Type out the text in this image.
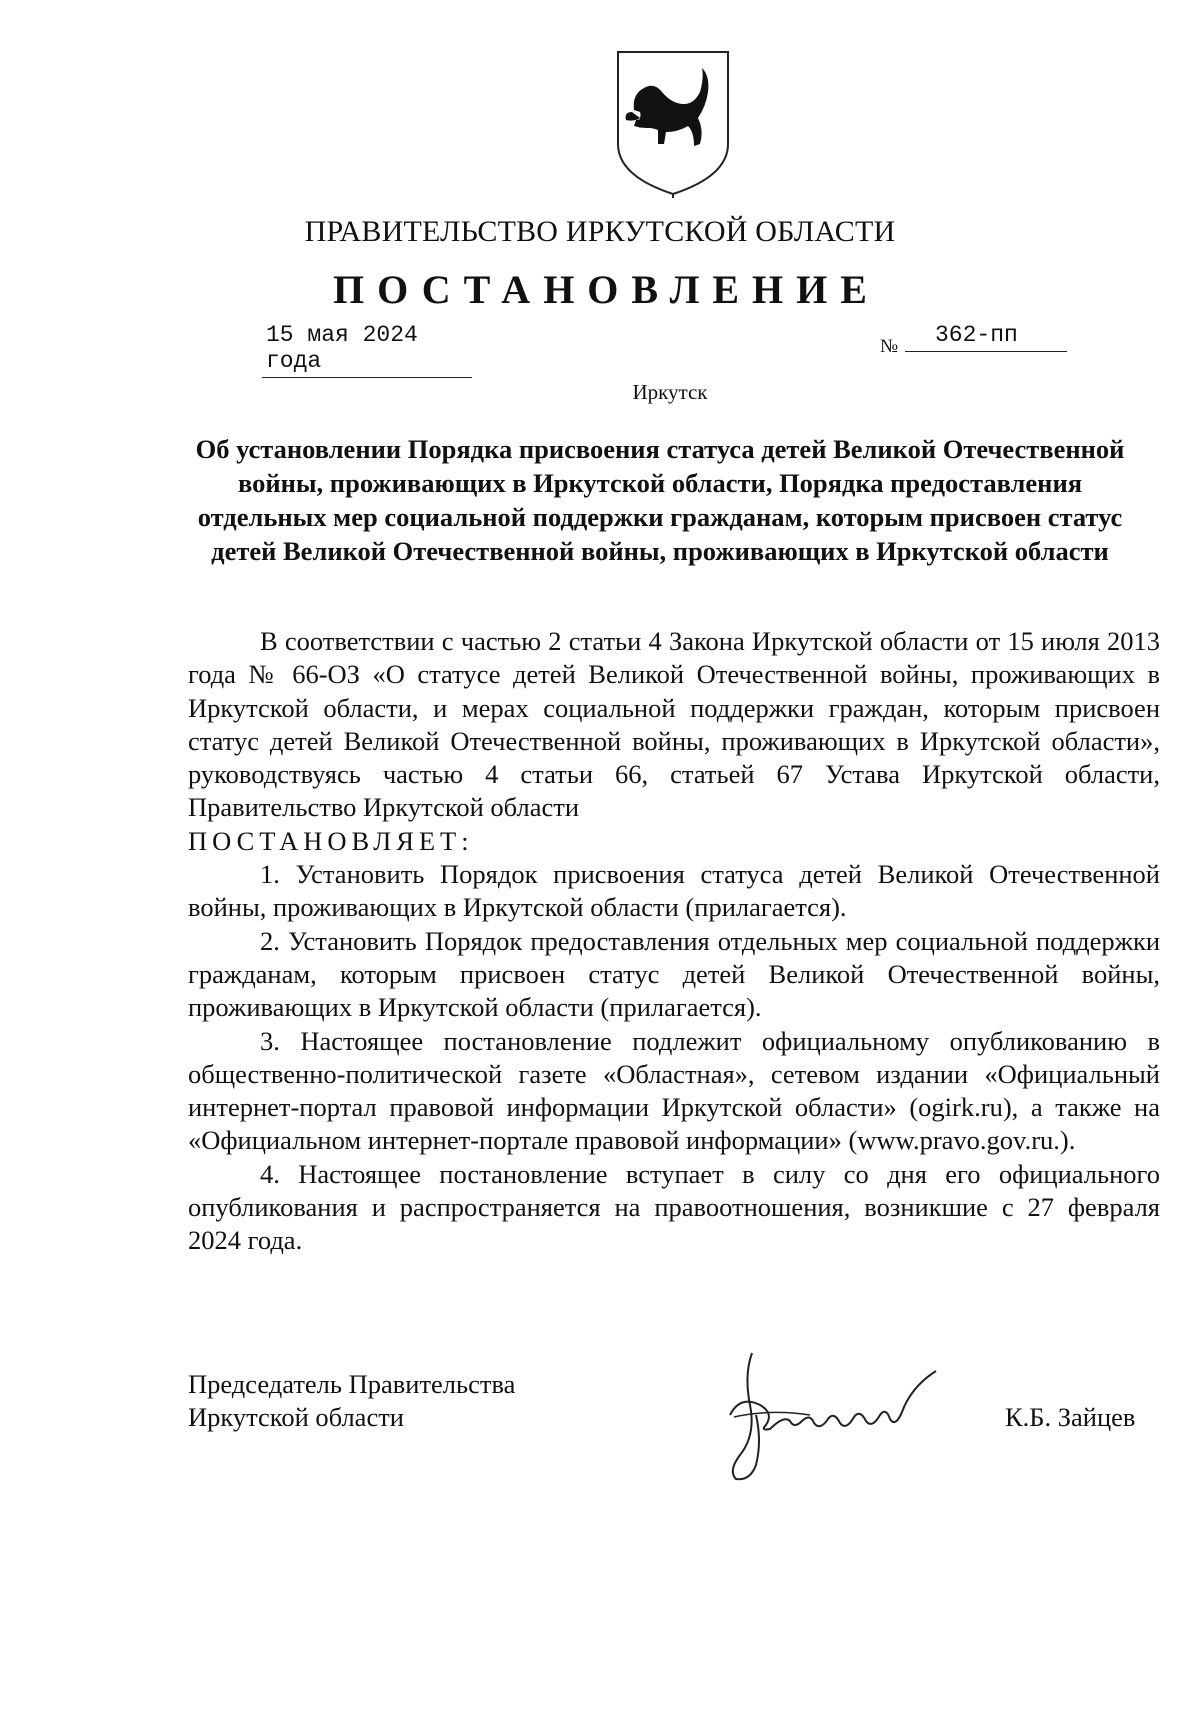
ПРАВИТЕЛЬСТВО ИРКУТСКОЙ ОБЛАСТИ
ПОСТАНОВЛЕНИЕ
15 мая 2024 года
№	362-пп
Иркутск
Об установлении Порядка присвоения статуса детей Великой Отечественной войны, проживающих в Иркутской области, Порядка предоставления отдельных мер социальной поддержки гражданам, которым присвоен статус детей Великой Отечественной войны, проживающих в Иркутской области

В соответствии с частью 2 статьи 4 Закона Иркутской области от 15 июля 2013 года № 66-ОЗ «О статусе детей Великой Отечественной войны, проживающих в Иркутской области, и мерах социальной поддержки граждан, которым присвоен статус детей Великой Отечественной войны, проживающих в Иркутской области», руководствуясь частью 4 статьи 66, статьей 67 Устава Иркутской области, Правительство Иркутской области

ПОСТАНОВЛЯЕТ:

1. Установить Порядок присвоения статуса детей Великой Отечественной войны, проживающих в Иркутской области (прилагается).

2. Установить Порядок предоставления отдельных мер социальной поддержки гражданам, которым присвоен статус детей Великой Отечественной войны, проживающих в Иркутской области (прилагается).

3. Настоящее постановление подлежит официальному опубликованию в общественно-политической газете «Областная», сетевом издании «Официальный интернет-портал правовой информации Иркутской области» (ogirk.ru), а также на «Официальном интернет-портале правовой информации» (www.pravo.gov.ru.).

4. Настоящее постановление вступает в силу со дня его официального опубликования и распространяется на правоотношения, возникшие с 27 февраля 2024 года.

Председатель Правительства
Иркутской области	К.Б. Зайцев
